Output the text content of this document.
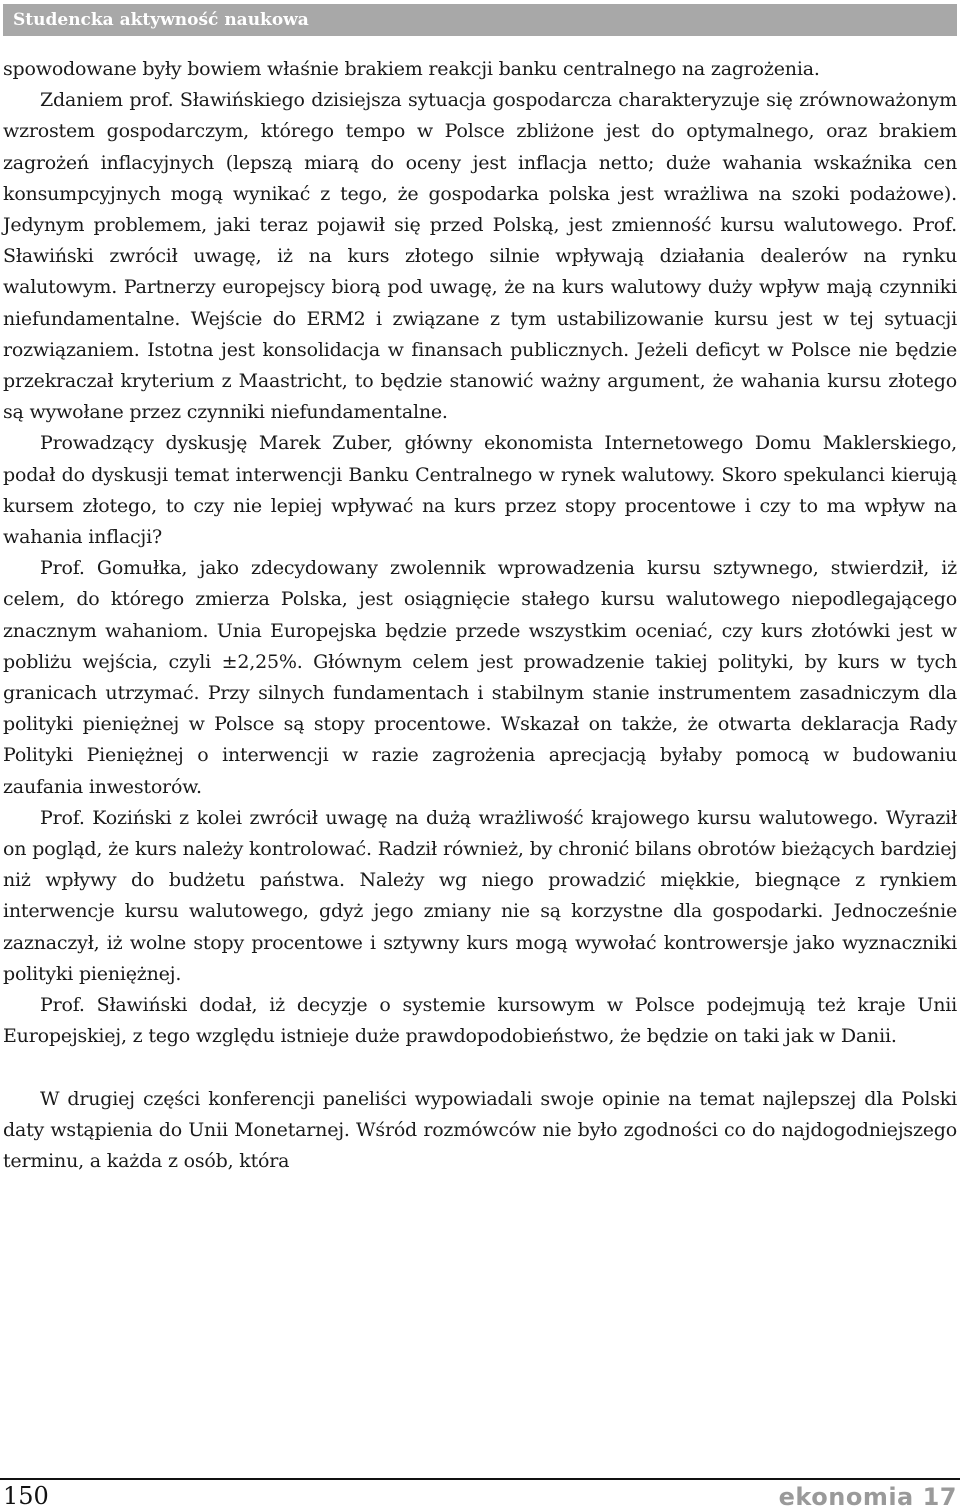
Studencka aktywność naukowa

spowodowane były bowiem właśnie brakiem reakcji banku centralnego na zagrożenia.

Zdaniem prof. Sławińskiego dzisiejsza sytuacja gospodarcza charakteryzuje się zrównoważonym wzrostem gospodarczym, którego tempo w Polsce zbliżone jest do optymalnego, oraz brakiem zagrożeń inflacyjnych (lepszą miarą do oceny jest inflacja netto; duże wahania wskaźnika cen konsumpcyjnych mogą wynikać z tego, że gospodarka polska jest wrażliwa na szoki podażowe). Jedynym problemem, jaki teraz pojawił się przed Polską, jest zmienność kursu walutowego. Prof. Sławiński zwrócił uwagę, iż na kurs złotego silnie wpływają działania dealerów na rynku walutowym. Partnerzy europejscy biorą pod uwagę, że na kurs walutowy duży wpływ mają czynniki niefundamentalne. Wejście do ERM2 i związane z tym ustabilizowanie kursu jest w tej sytuacji rozwiązaniem. Istotna jest konsolidacja w finansach publicznych. Jeżeli deficyt w Polsce nie będzie przekraczał kryterium z Maastricht, to będzie stanowić ważny argument, że wahania kursu złotego są wywołane przez czynniki niefundamentalne.

Prowadzący dyskusję Marek Zuber, główny ekonomista Internetowego Domu Maklerskiego, podał do dyskusji temat interwencji Banku Centralnego w rynek walutowy. Skoro spekulanci kierują kursem złotego, to czy nie lepiej wpływać na kurs przez stopy procentowe i czy to ma wpływ na wahania inflacji?

Prof. Gomułka, jako zdecydowany zwolennik wprowadzenia kursu sztywnego, stwierdził, iż celem, do którego zmierza Polska, jest osiągnięcie stałego kursu walutowego niepodlegającego znacznym wahaniom. Unia Europejska będzie przede wszystkim oceniać, czy kurs złotówki jest w pobliżu wejścia, czyli ±2,25%. Głównym celem jest prowadzenie takiej polityki, by kurs w tych granicach utrzymać. Przy silnych fundamentach i stabilnym stanie instrumentem zasadniczym dla polityki pieniężnej w Polsce są stopy procentowe. Wskazał on także, że otwarta deklaracja Rady Polityki Pieniężnej o interwencji w razie zagrożenia aprecjacją byłaby pomocą w budowaniu zaufania inwestorów.

Prof. Koziński z kolei zwrócił uwagę na dużą wrażliwość krajowego kursu walutowego. Wyraził on pogląd, że kurs należy kontrolować. Radził również, by chronić bilans obrotów bieżących bardziej niż wpływy do budżetu państwa. Należy wg niego prowadzić miękkie, biegnące z rynkiem interwencje kursu walutowego, gdyż jego zmiany nie są korzystne dla gospodarki. Jednocześnie zaznaczył, iż wolne stopy procentowe i sztywny kurs mogą wywołać kontrowersje jako wyznaczniki polityki pieniężnej.

Prof. Sławiński dodał, iż decyzje o systemie kursowym w Polsce podejmują też kraje Unii Europejskiej, z tego względu istnieje duże prawdopodobieństwo, że będzie on taki jak w Danii.

W drugiej części konferencji paneliści wypowiadali swoje opinie na temat najlepszej dla Polski daty wstąpienia do Unii Monetarnej. Wśród rozmówców nie było zgodności co do najdogodniejszego terminu, a każda z osób, która

150	ekonomia 17
